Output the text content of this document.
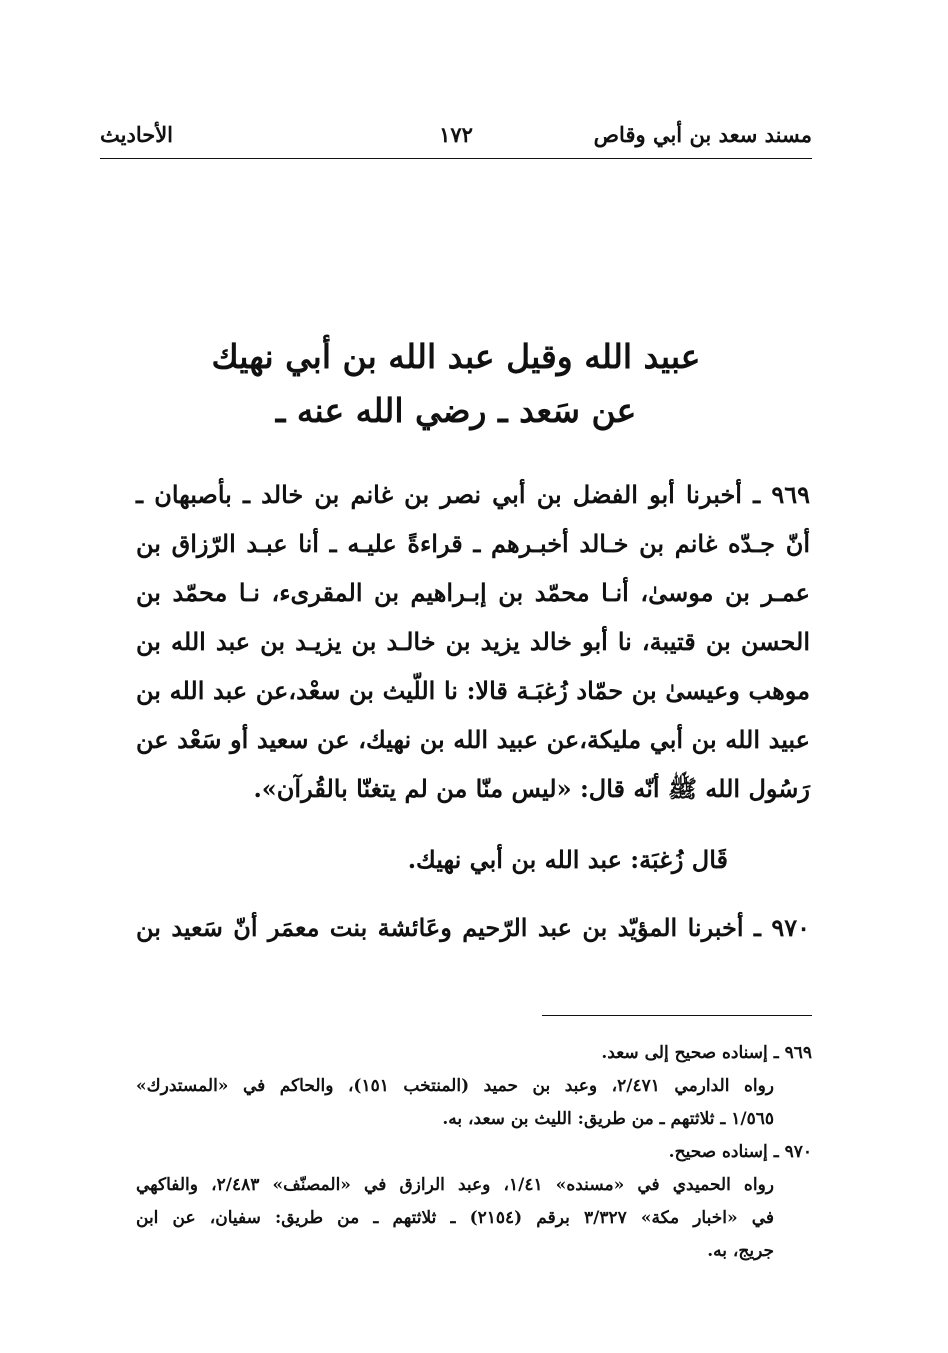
مسند سعد بن أبي وقاص
١٧٢
الأحاديث
عبيد الله وقيل عبد الله بن أبي نهيك
عن سَعد ـ رضي الله عنه ـ
٩٦٩ ـ أخبرنا أبو الفضل بن أبي نصر بن غانم بن خالد ـ بأصبهان ـ
أنّ جـدّه غانم بن خـالد أخبـرهم ـ قراءةً عليـه ـ أنا عبـد الرّزاق بن
عمـر بن موسىٰ، أنـا محمّد بن إبـراهيم بن المقرىء، نـا محمّد بن
الحسن بن قتيبة، نا أبو خالد يزيد بن خالـد بن يزيـد بن عبد الله بن
موهب وعيسىٰ بن حمّاد زُغبَـة قالا: نا اللّيث بن سعْد،عن عبد الله بن
عبيد الله بن أبي مليكة،عن عبيد الله بن نهيك، عن سعيد أو سَعْد عن
رَسُول الله ﷺ أنّه قال: «ليس منّا من لم يتغنّا بالقُرآن».
قَال زُغبَة: عبد الله بن أبي نهيك.
٩٧٠ ـ أخبرنا المؤيّد بن عبد الرّحيم وعَائشة بنت معمَر أنّ سَعيد بن
٩٦٩ ـ إسناده صحيح إلى سعد.
رواه الدارمي ٢/٤٧١، وعبد بن حميد (المنتخب ١٥١)، والحاكم في «المستدرك»
١/٥٦٥ ـ ثلاثتهم ـ من طريق: الليث بن سعد، به.
٩٧٠ ـ إسناده صحيح.
رواه الحميدي في «مسنده» ١/٤١، وعبد الرازق في «المصنّف» ٢/٤٨٣، والفاكهي
في «اخبار مكة» ٣/٣٢٧ برقم (٢١٥٤) ـ ثلاثتهم ـ من طريق: سفيان، عن ابن
جريج، به.
